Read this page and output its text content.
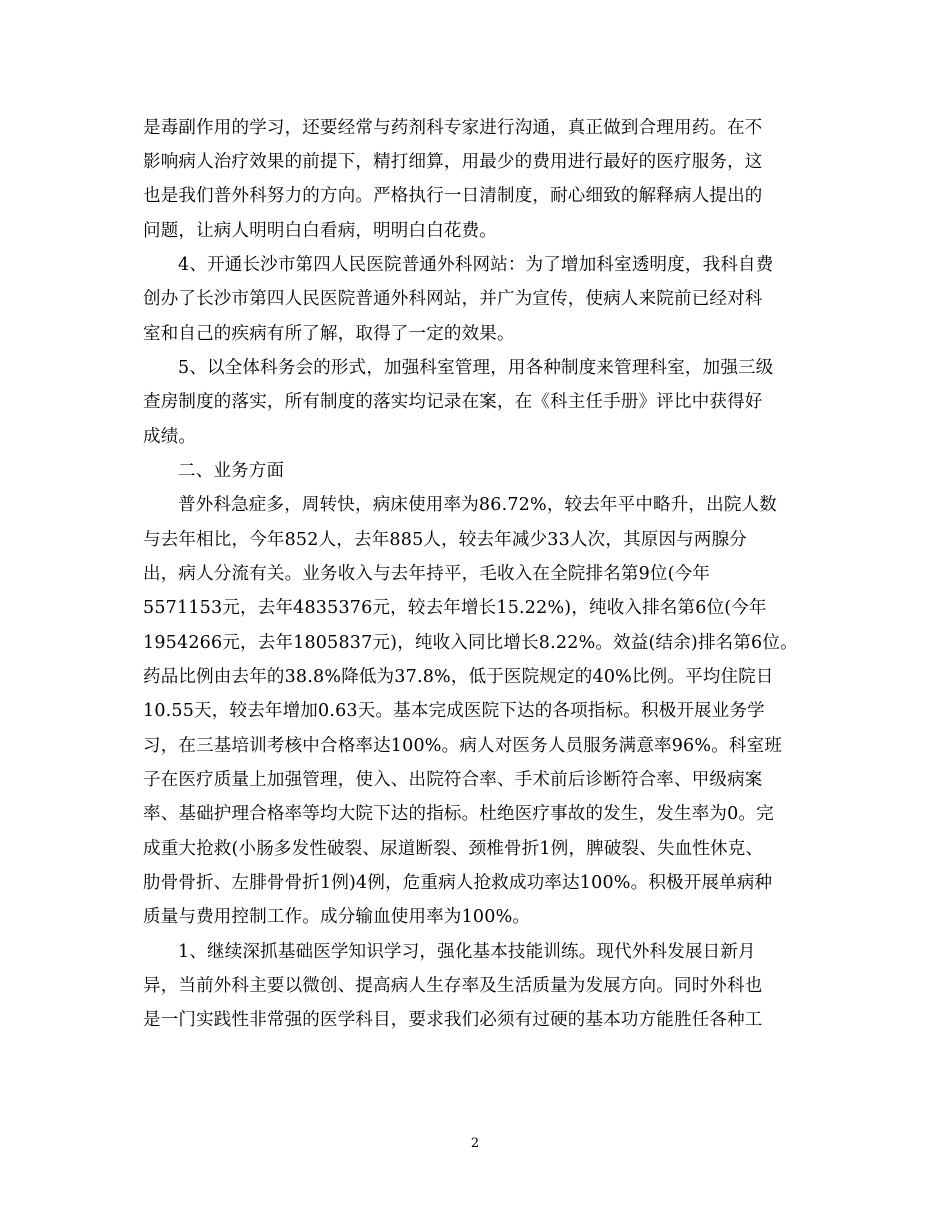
是毒副作用的学习，还要经常与药剂科专家进行沟通，真正做到合理用药。在不
影响病人治疗效果的前提下，精打细算，用最少的费用进行最好的医疗服务，这
也是我们普外科努力的方向。严格执行一日清制度，耐心细致的解释病人提出的
问题，让病人明明白白看病，明明白白花费。
4、开通长沙市第四人民医院普通外科网站：为了增加科室透明度，我科自费
创办了长沙市第四人民医院普通外科网站，并广为宣传，使病人来院前已经对科
室和自己的疾病有所了解，取得了一定的效果。
5、以全体科务会的形式，加强科室管理，用各种制度来管理科室，加强三级
查房制度的落实，所有制度的落实均记录在案，在《科主任手册》评比中获得好
成绩。
二、业务方面
普外科急症多，周转快，病床使用率为86.72%，较去年平中略升，出院人数
与去年相比，今年852人，去年885人，较去年减少33人次，其原因与两腺分
出，病人分流有关。业务收入与去年持平，毛收入在全院排名第9位(今年
5571153元，去年4835376元，较去年增长15.22%)，纯收入排名第6位(今年
1954266元，去年1805837元)，纯收入同比增长8.22%。效益(结余)排名第6位。
药品比例由去年的38.8%降低为37.8%，低于医院规定的40%比例。平均住院日
10.55天，较去年增加0.63天。基本完成医院下达的各项指标。积极开展业务学
习，在三基培训考核中合格率达100%。病人对医务人员服务满意率96%。科室班
子在医疗质量上加强管理，使入、出院符合率、手术前后诊断符合率、甲级病案
率、基础护理合格率等均大院下达的指标。杜绝医疗事故的发生，发生率为0。完
成重大抢救(小肠多发性破裂、尿道断裂、颈椎骨折1例，脾破裂、失血性休克、
肋骨骨折、左腓骨骨折1例)4例，危重病人抢救成功率达100%。积极开展单病种
质量与费用控制工作。成分输血使用率为100%。
1、继续深抓基础医学知识学习，强化基本技能训练。现代外科发展日新月
异，当前外科主要以微创、提高病人生存率及生活质量为发展方向。同时外科也
是一门实践性非常强的医学科目，要求我们必须有过硬的基本功方能胜任各种工
2
